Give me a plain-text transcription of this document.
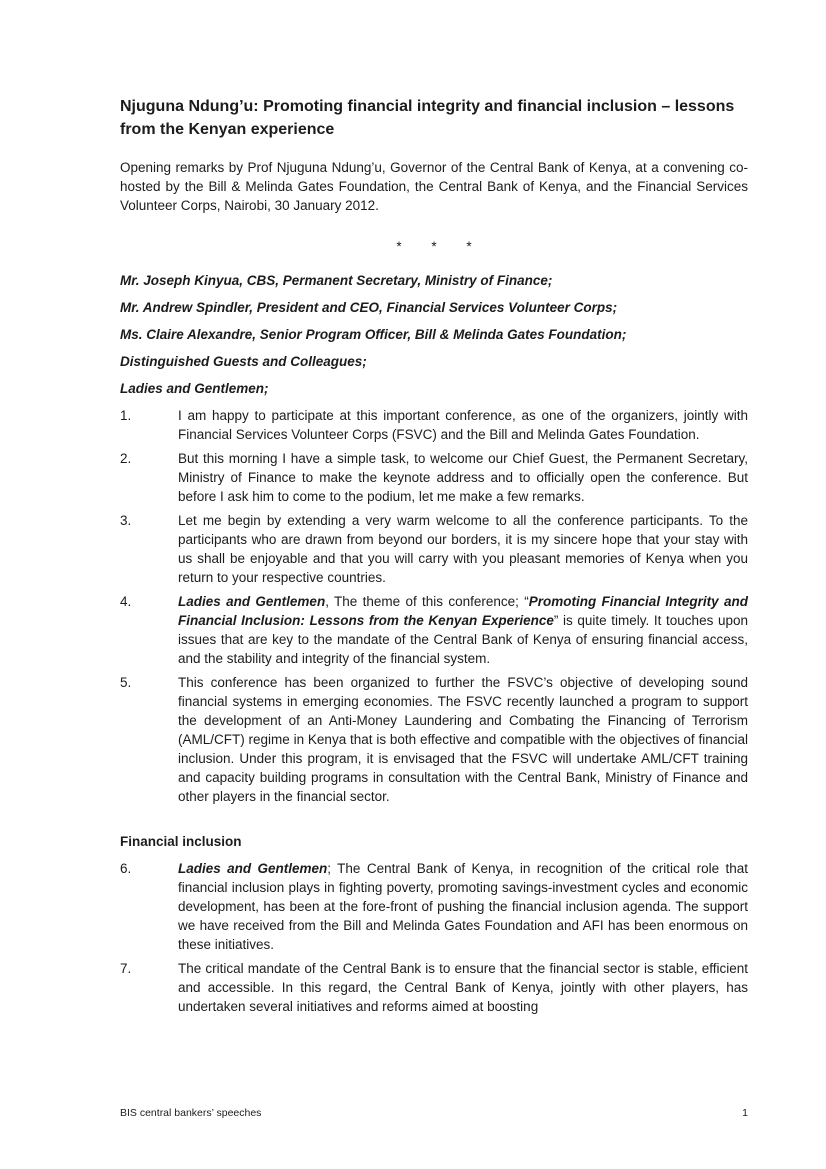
Njuguna Ndung’u: Promoting financial integrity and financial inclusion – lessons from the Kenyan experience

Opening remarks by Prof Njuguna Ndung’u, Governor of the Central Bank of Kenya, at a convening co-hosted by the Bill & Melinda Gates Foundation, the Central Bank of Kenya, and the Financial Services Volunteer Corps, Nairobi, 30 January 2012.

* * *

Mr. Joseph Kinyua, CBS, Permanent Secretary, Ministry of Finance;

Mr. Andrew Spindler, President and CEO, Financial Services Volunteer Corps;

Ms. Claire Alexandre, Senior Program Officer, Bill & Melinda Gates Foundation;

Distinguished Guests and Colleagues;

Ladies and Gentlemen;

1.	I am happy to participate at this important conference, as one of the organizers, jointly with Financial Services Volunteer Corps (FSVC) and the Bill and Melinda Gates Foundation.

2.	But this morning I have a simple task, to welcome our Chief Guest, the Permanent Secretary, Ministry of Finance to make the keynote address and to officially open the conference. But before I ask him to come to the podium, let me make a few remarks.

3.	Let me begin by extending a very warm welcome to all the conference participants. To the participants who are drawn from beyond our borders, it is my sincere hope that your stay with us shall be enjoyable and that you will carry with you pleasant memories of Kenya when you return to your respective countries.

4.	Ladies and Gentlemen, The theme of this conference; “Promoting Financial Integrity and Financial Inclusion: Lessons from the Kenyan Experience” is quite timely. It touches upon issues that are key to the mandate of the Central Bank of Kenya of ensuring financial access, and the stability and integrity of the financial system.

5.	This conference has been organized to further the FSVC’s objective of developing sound financial systems in emerging economies. The FSVC recently launched a program to support the development of an Anti-Money Laundering and Combating the Financing of Terrorism (AML/CFT) regime in Kenya that is both effective and compatible with the objectives of financial inclusion. Under this program, it is envisaged that the FSVC will undertake AML/CFT training and capacity building programs in consultation with the Central Bank, Ministry of Finance and other players in the financial sector.

Financial inclusion
6.	Ladies and Gentlemen; The Central Bank of Kenya, in recognition of the critical role that financial inclusion plays in fighting poverty, promoting savings-investment cycles and economic development, has been at the fore-front of pushing the financial inclusion agenda. The support we have received from the Bill and Melinda Gates Foundation and AFI has been enormous on these initiatives.

7.	The critical mandate of the Central Bank is to ensure that the financial sector is stable, efficient and accessible. In this regard, the Central Bank of Kenya, jointly with other players, has undertaken several initiatives and reforms aimed at boosting

BIS central bankers’ speeches	1
